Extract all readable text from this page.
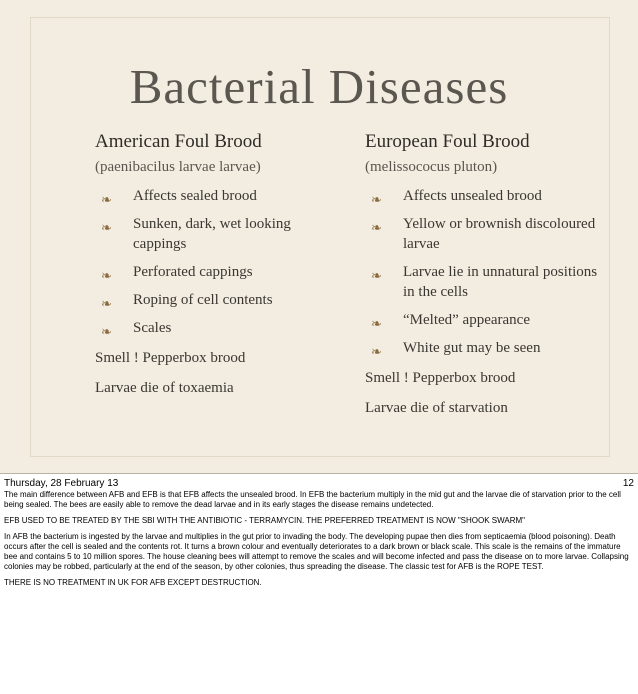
Bacterial Diseases
American Foul Brood
(paenibacilus larvae larvae)
❧ Affects sealed brood
❧ Sunken, dark, wet looking cappings
❧ Perforated cappings
❧ Roping of cell contents
❧ Scales
Smell ! Pepperbox brood
Larvae die of toxaemia
European Foul Brood
(melissococus pluton)
❧ Affects unsealed brood
❧ Yellow or brownish discoloured larvae
❧ Larvae lie in unnatural positions in the cells
❧ “Melted” appearance
❧ White gut may be seen
Smell ! Pepperbox brood
Larvae die of starvation
Thursday, 28 February 13	12

The main difference between AFB and EFB is that EFB affects the unsealed brood. In EFB the bacterium multiply in the mid gut and the larvae die of starvation prior to the cell being sealed. The bees are easily able to remove the dead larvae and in its early stages the disease remains undetected.

EFB USED TO BE TREATED BY THE SBI WITH THE ANTIBIOTIC - TERRAMYCIN. THE PREFERRED TREATMENT IS NOW "SHOOK SWARM"

In AFB the bacterium is ingested by the larvae and multiplies in the gut prior to invading the body. The developing pupae then dies from septicaemia (blood poisoning). Death occurs after the cell is sealed and the contents rot. It turns a brown colour and eventually deteriorates to a dark brown or black scale. This scale is the remains of the immature bee and contains 5 to 10 million spores. The house cleaning bees will attempt to remove the scales and will become infected and pass the disease on to more larvae. Collapsing colonies may be robbed, particularly at the end of the season, by other colonies, thus spreading the disease. The classic test for AFB is the ROPE TEST.

THERE IS NO TREATMENT IN UK FOR AFB EXCEPT DESTRUCTION.
